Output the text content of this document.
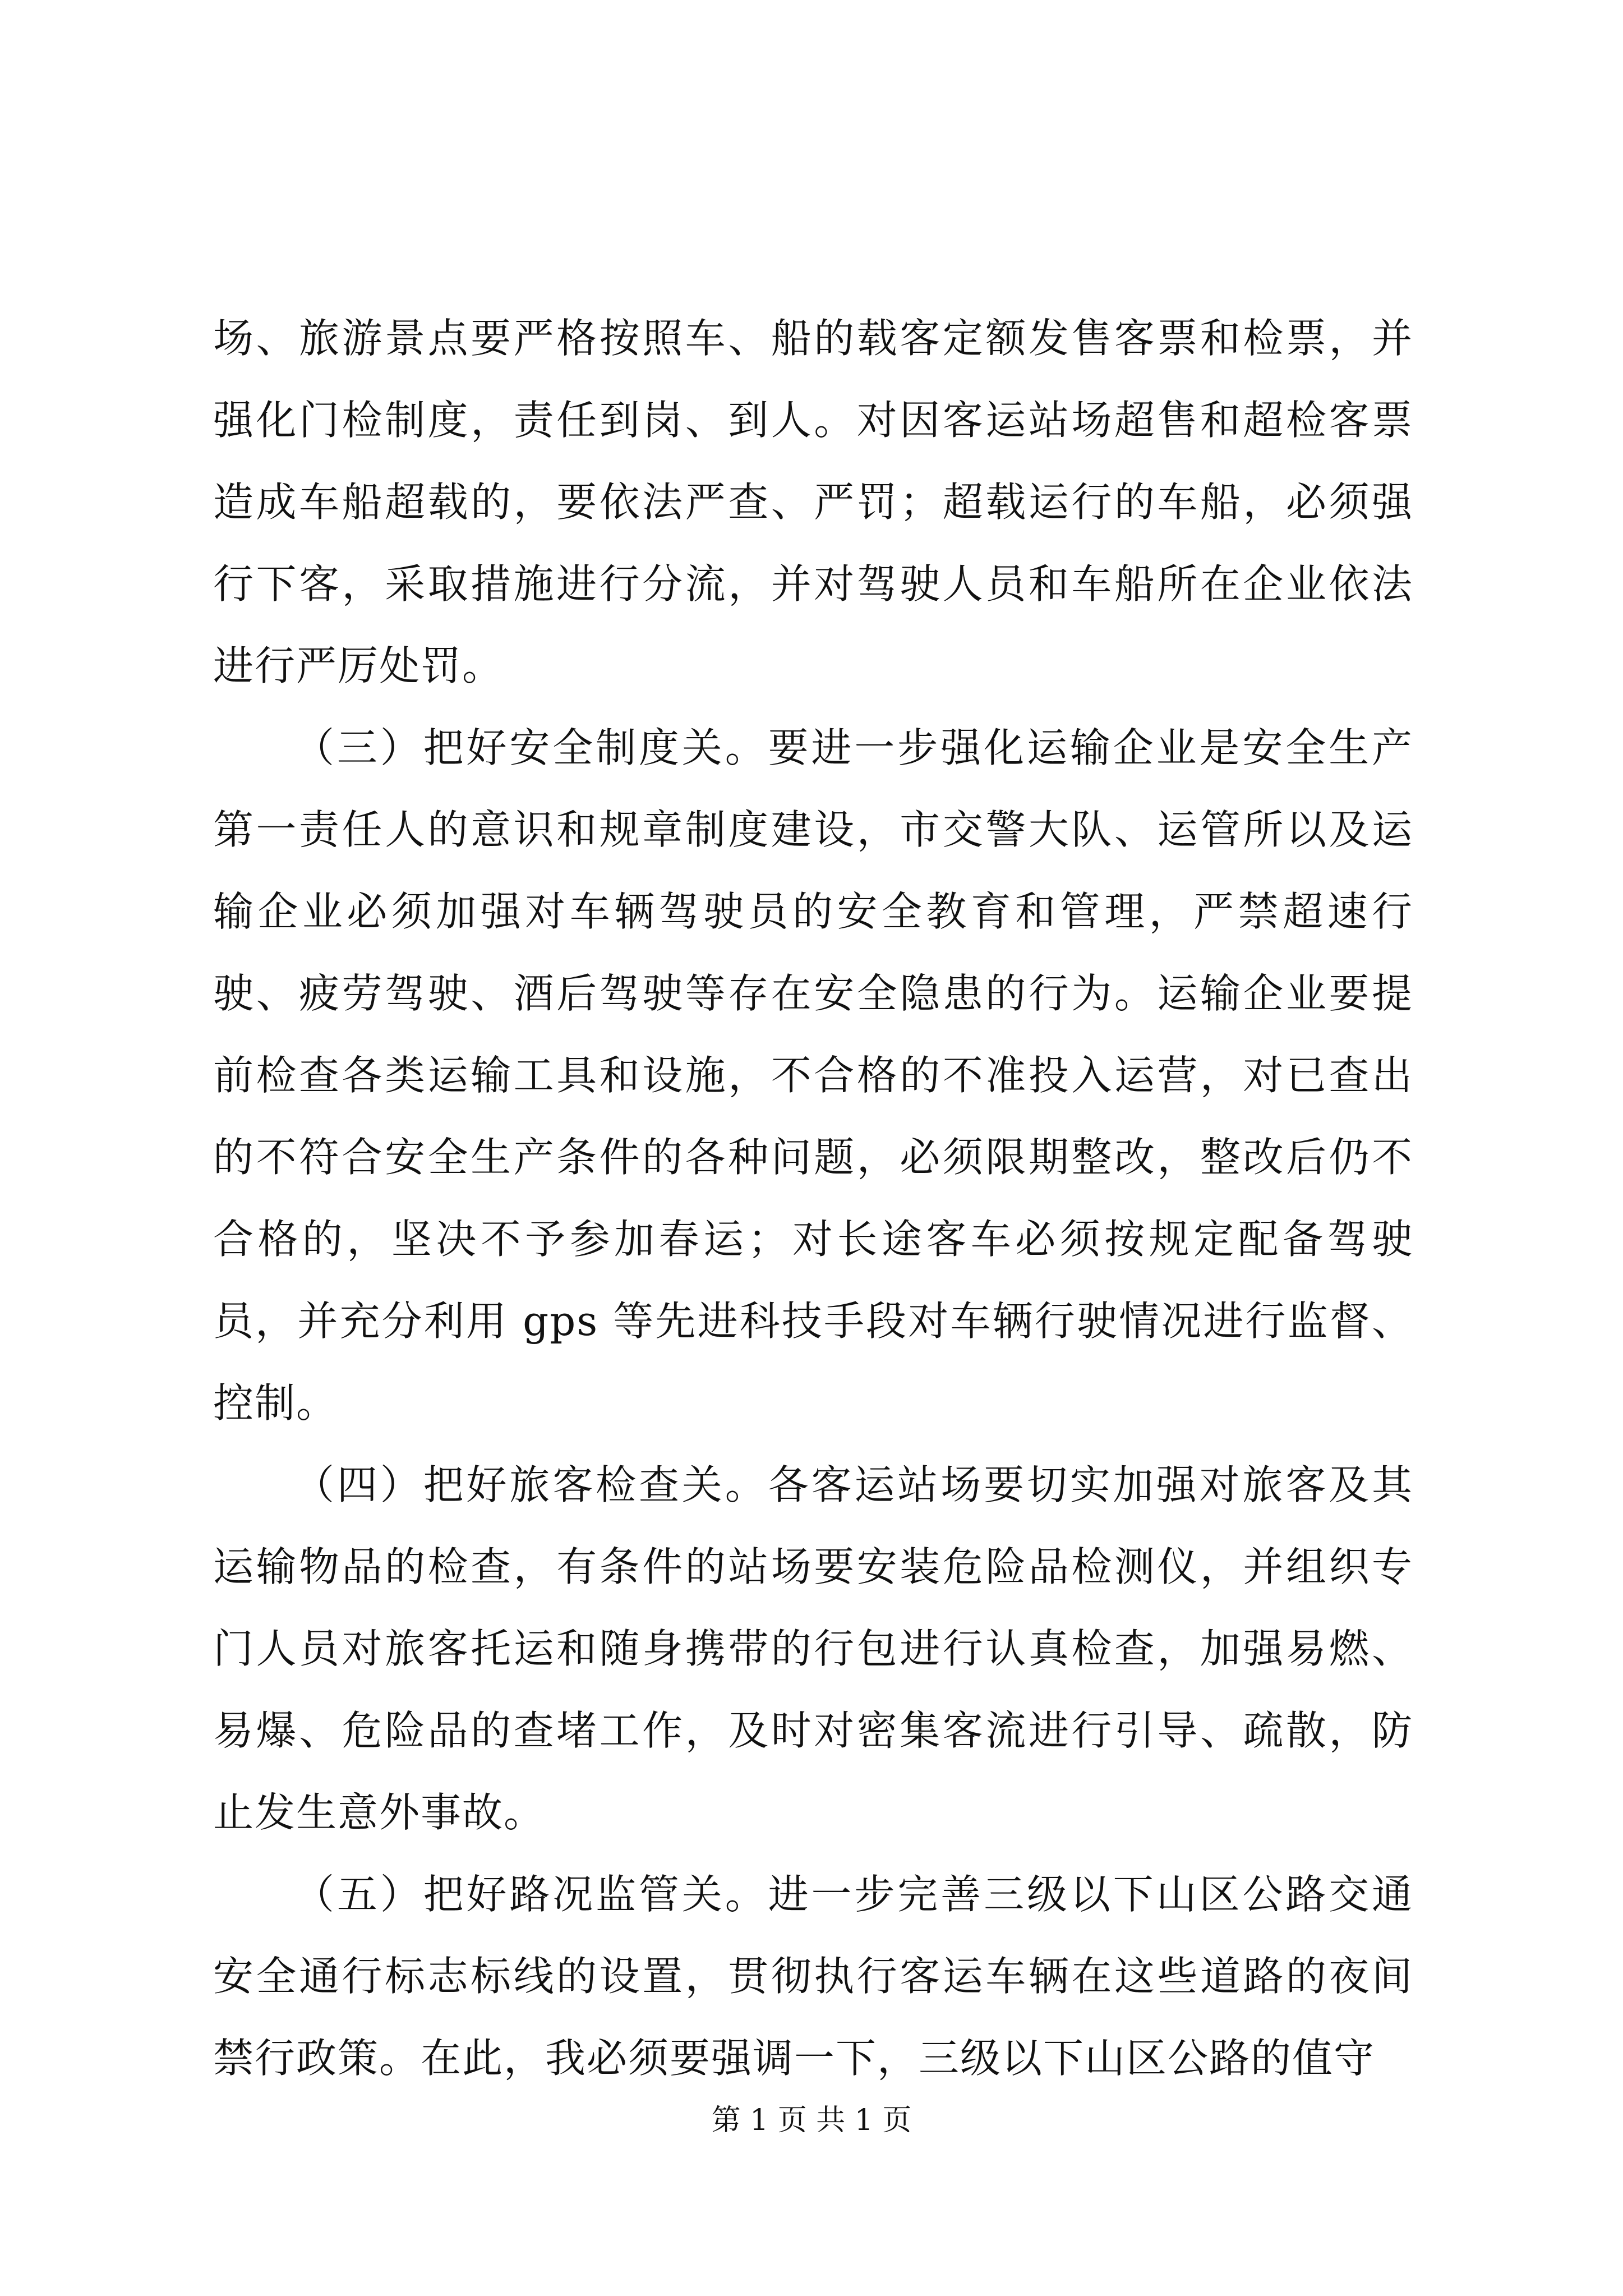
场、旅游景点要严格按照车、船的载客定额发售客票和检票，并强化门检制度，责任到岗、到人。对因客运站场超售和超检客票造成车船超载的，要依法严查、严罚；超载运行的车船，必须强行下客，采取措施进行分流，并对驾驶人员和车船所在企业依法进行严厉处罚。

（三）把好安全制度关。要进一步强化运输企业是安全生产第一责任人的意识和规章制度建设，市交警大队、运管所以及运输企业必须加强对车辆驾驶员的安全教育和管理，严禁超速行驶、疲劳驾驶、酒后驾驶等存在安全隐患的行为。运输企业要提前检查各类运输工具和设施，不合格的不准投入运营，对已查出的不符合安全生产条件的各种问题，必须限期整改，整改后仍不合格的，坚决不予参加春运；对长途客车必须按规定配备驾驶员，并充分利用 gps 等先进科技手段对车辆行驶情况进行监督、控制。

（四）把好旅客检查关。各客运站场要切实加强对旅客及其运输物品的检查，有条件的站场要安装危险品检测仪，并组织专门人员对旅客托运和随身携带的行包进行认真检查，加强易燃、易爆、危险品的查堵工作，及时对密集客流进行引导、疏散，防止发生意外事故。

（五）把好路况监管关。进一步完善三级以下山区公路交通安全通行标志标线的设置，贯彻执行客运车辆在这些道路的夜间禁行政策。在此，我必须要强调一下，三级以下山区公路的值守

第 1 页 共 1 页
